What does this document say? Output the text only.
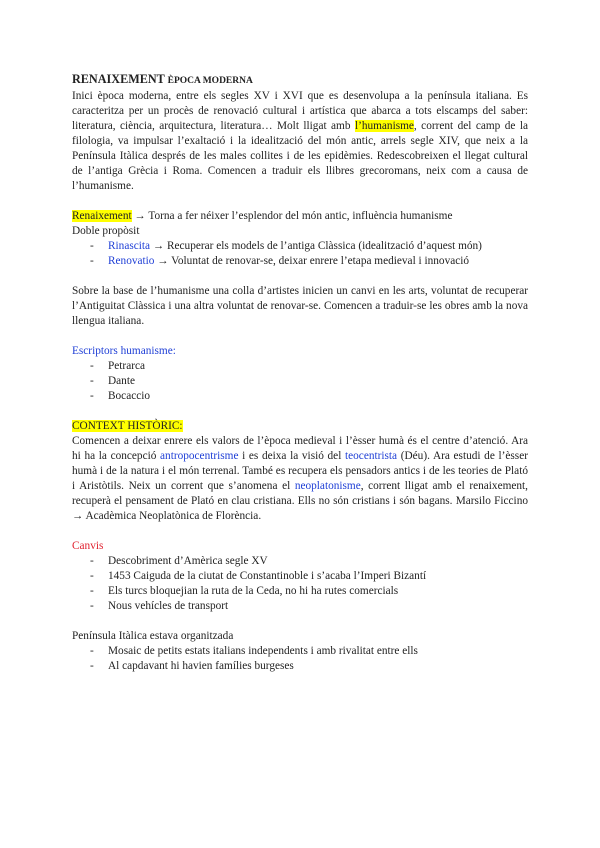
RENAIXEMENT ÈPOCA MODERNA

Inici època moderna, entre els segles XV i XVI que es desenvolupa a la península italiana. Es caracteritza per un procès de renovació cultural i artística que abarca a tots elscamps del saber: literatura, ciència, arquitectura, literatura… Molt lligat amb l’humanisme, corrent del camp de la filologia, va impulsar l’exaltació i la idealització del món antic, arrels segle XIV, que neix a la Península Itàlica després de les males collites i de les epidèmies. Redescobreixen el llegat cultural de l’antiga Grècia i Roma. Comencen a traduir els llibres grecoromans, neix com a causa de l’humanisme.

Renaixement → Torna a fer néixer l’esplendor del món antic, influència humanisme

Doble propòsit

- Rinascita → Recuperar els models de l’antiga Clàssica (idealització d’aquest món)
- Renovatio → Voluntat de renovar-se, deixar enrere l’etapa medieval i innovació

Sobre la base de l’humanisme una colla d’artistes inicien un canvi en les arts, voluntat de recuperar l’Antiguitat Clàssica i una altra voluntat de renovar-se. Comencen a traduir-se les obres amb la nova llengua italiana.

Escriptors humanisme:

- Petrarca
- Dante
- Bocaccio

CONTEXT HISTÒRIC:

Comencen a deixar enrere els valors de l’època medieval i l’èsser humà és el centre d’atenció. Ara hi ha la concepció antropocentrisme i es deixa la visió del teocentrista (Déu). Ara estudi de l’èsser humà i de la natura i el món terrenal. També es recupera els pensadors antics i de les teories de Plató i Aristòtils. Neix un corrent que s’anomena el neoplatonisme, corrent lligat amb el renaixement, recuperà el pensament de Plató en clau cristiana. Ells no són cristians i són bagans. Marsilo Ficcino → Acadèmica Neoplatònica de Florència.

Canvis

- Descobriment d’Amèrica segle XV
- 1453 Caiguda de la ciutat de Constantinoble i s’acaba l’Imperi Bizantí
- Els turcs bloquejian la ruta de la Ceda, no hi ha rutes comercials
- Nous vehícles de transport

Península Itàlica estava organitzada

- Mosaic de petits estats italians independents i amb rivalitat entre ells
- Al capdavant hi havien famílies burgeses
